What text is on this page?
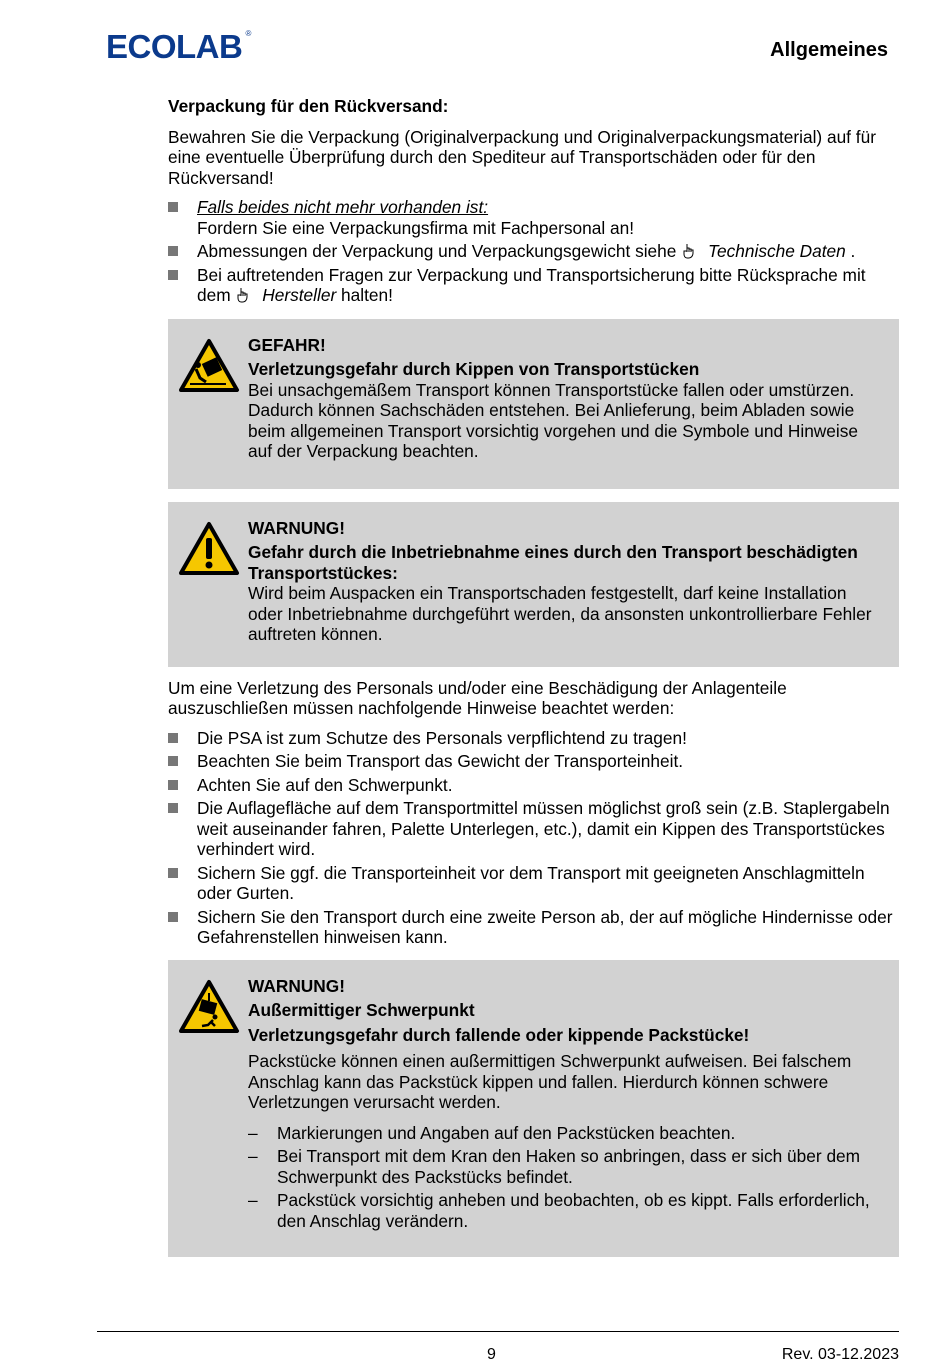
ECOLAB ®
Allgemeines
Verpackung für den Rückversand:

Bewahren Sie die Verpackung (Originalverpackung und Originalverpackungsmaterial) auf für eine eventuelle Überprüfung durch den Spediteur auf Transportschäden oder für den Rückversand!

Falls beides nicht mehr vorhanden ist:
Fordern Sie eine Verpackungsfirma mit Fachpersonal an!
Abmessungen der Verpackung und Verpackungsgewicht siehe Technische Daten .
Bei auftretenden Fragen zur Verpackung und Transportsicherung bitte Rücksprache mit dem Hersteller halten!
GEFAHR!
Verletzungsgefahr durch Kippen von Transportstücken
Bei unsachgemäßem Transport können Transportstücke fallen oder umstürzen. Dadurch können Sachschäden entstehen. Bei Anlieferung, beim Abladen sowie beim allgemeinen Transport vorsichtig vorgehen und die Symbole und Hinweise auf der Verpackung beachten.
WARNUNG!
Gefahr durch die Inbetriebnahme eines durch den Transport beschädigten Transportstückes:
Wird beim Auspacken ein Transportschaden festgestellt, darf keine Installation oder Inbetriebnahme durchgeführt werden, da ansonsten unkontrollierbare Fehler auftreten können.

Um eine Verletzung des Personals und/oder eine Beschädigung der Anlagenteile auszuschließen müssen nachfolgende Hinweise beachtet werden:

Die PSA ist zum Schutze des Personals verpflichtend zu tragen!
Beachten Sie beim Transport das Gewicht der Transporteinheit.
Achten Sie auf den Schwerpunkt.
Die Auflagefläche auf dem Transportmittel müssen möglichst groß sein (z.B. Staplergabeln weit auseinander fahren, Palette Unterlegen, etc.), damit ein Kippen des Transportstückes verhindert wird.
Sichern Sie ggf. die Transporteinheit vor dem Transport mit geeigneten Anschlagmitteln oder Gurten.
Sichern Sie den Transport durch eine zweite Person ab, der auf mögliche Hindernisse oder Gefahrenstellen hinweisen kann.
WARNUNG!
Außermittiger Schwerpunkt
Verletzungsgefahr durch fallende oder kippende Packstücke!
Packstücke können einen außermittigen Schwerpunkt aufweisen. Bei falschem Anschlag kann das Packstück kippen und fallen. Hierdurch können schwere Verletzungen verursacht werden.
– Markierungen und Angaben auf den Packstücken beachten.
– Bei Transport mit dem Kran den Haken so anbringen, dass er sich über dem Schwerpunkt des Packstücks befindet.
– Packstück vorsichtig anheben und beobachten, ob es kippt. Falls erforderlich, den Anschlag verändern.
9	Rev. 03-12.2023
